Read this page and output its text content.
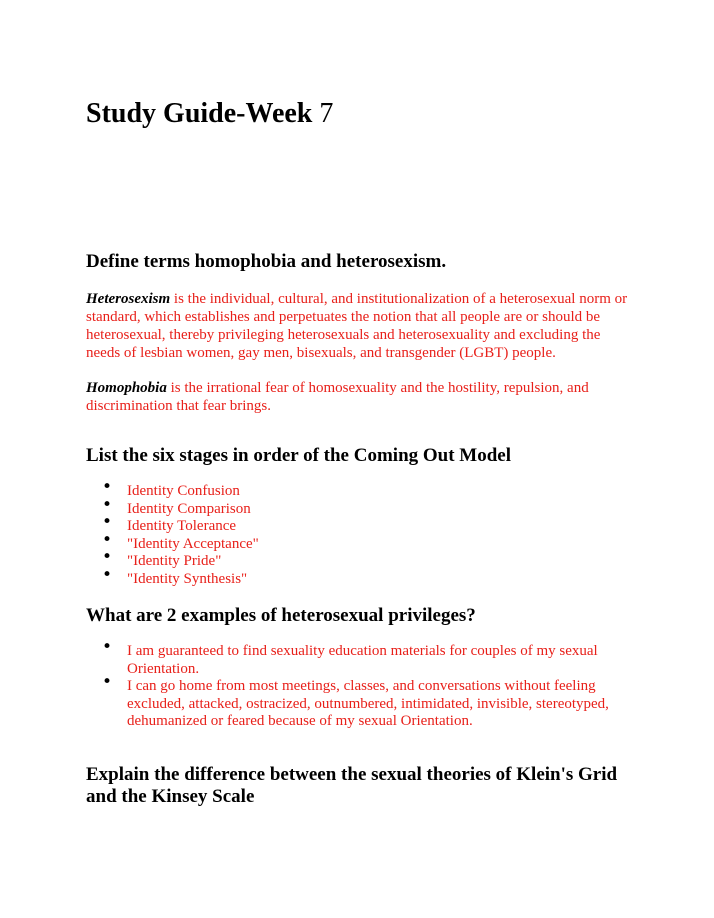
Study Guide-Week 7
Define terms homophobia and heterosexism.

Heterosexism is the individual, cultural, and institutionalization of a heterosexual norm or standard, which establishes and perpetuates the notion that all people are or should be heterosexual, thereby privileging heterosexuals and heterosexuality and excluding the needs of lesbian women, gay men, bisexuals, and transgender (LGBT) people.

Homophobia is the irrational fear of homosexuality and the hostility, repulsion, and discrimination that fear brings.

List the six stages in order of the Coming Out Model
• Identity Confusion
• Identity Comparison
• Identity Tolerance
• "Identity Acceptance"
• "Identity Pride"
• "Identity Synthesis"
What are 2 examples of heterosexual privileges?
• I am guaranteed to find sexuality education materials for couples of my sexual Orientation.
• I can go home from most meetings, classes, and conversations without feeling excluded, attacked, ostracized, outnumbered, intimidated, invisible, stereotyped, dehumanized or feared because of my sexual Orientation.
Explain the difference between the sexual theories of Klein's Grid and the Kinsey Scale
